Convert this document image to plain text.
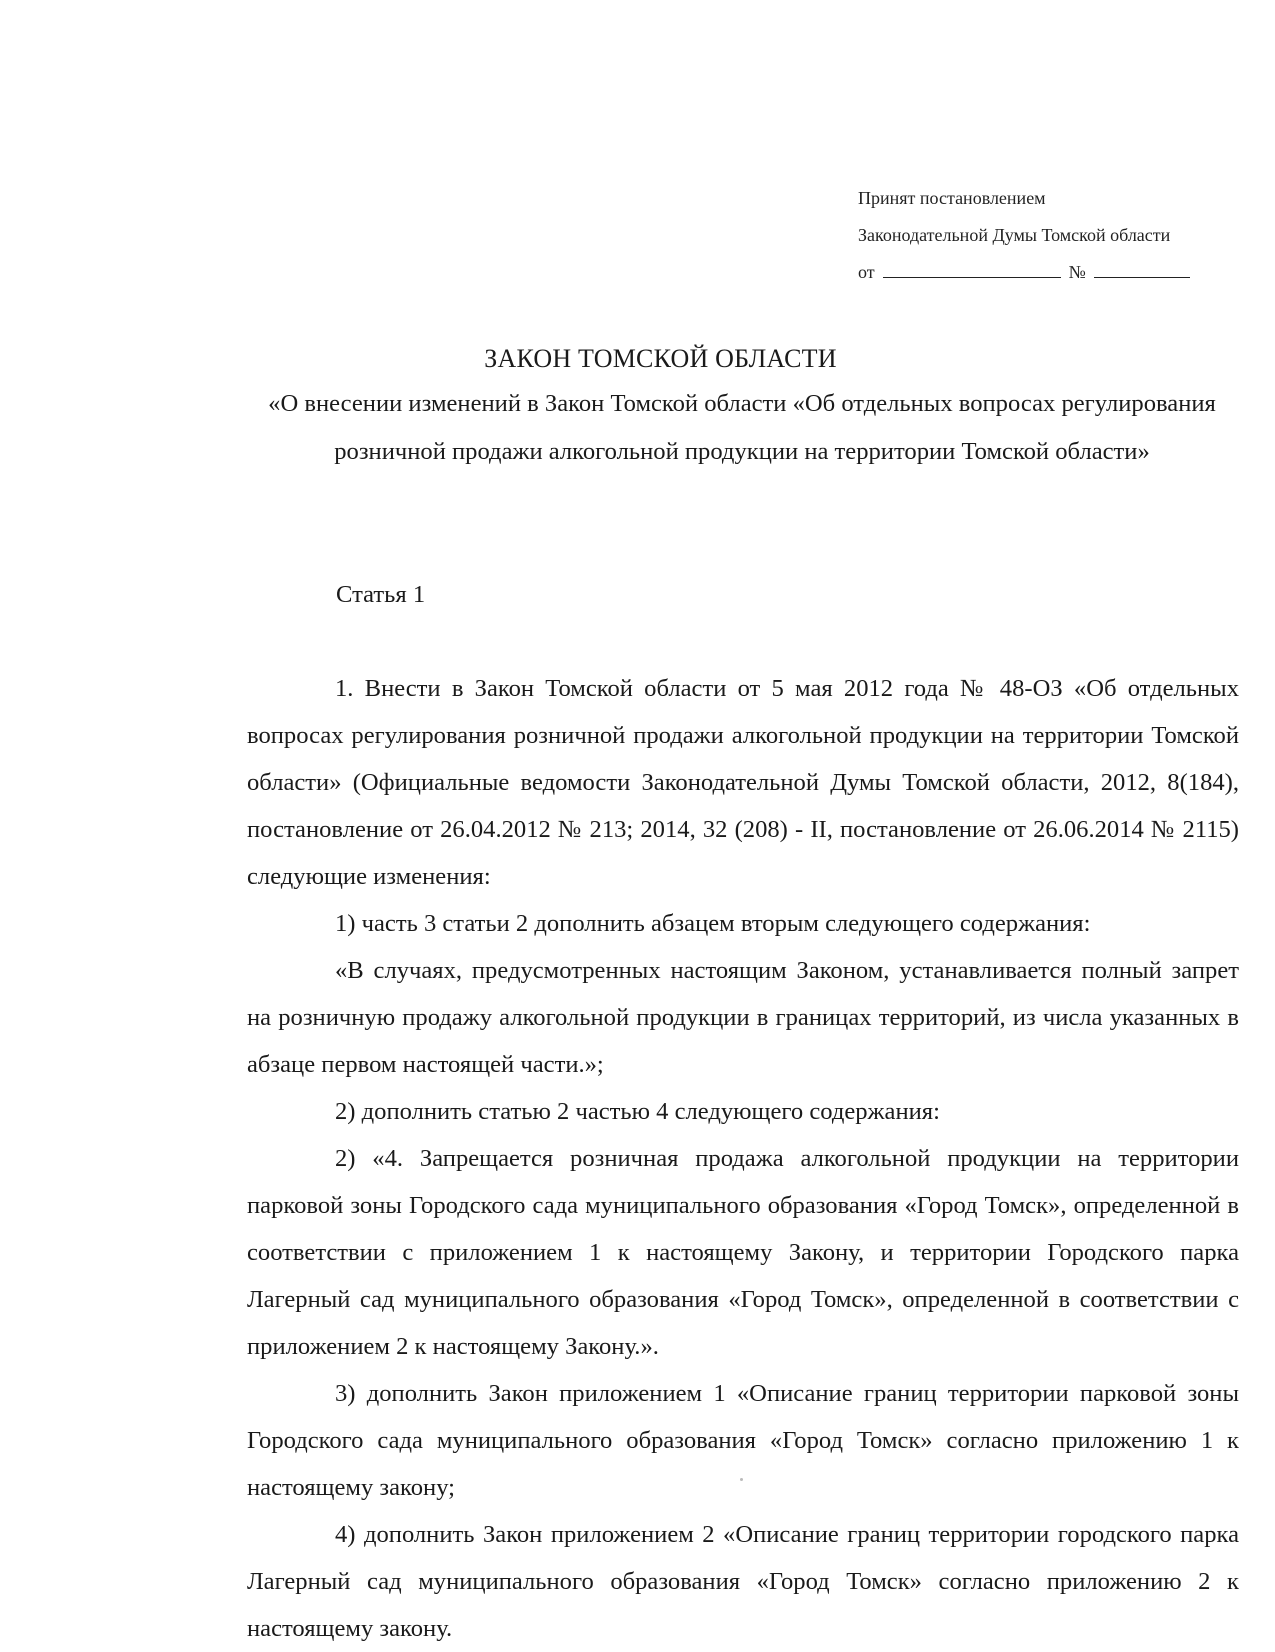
Принят постановлением
Законодательной Думы Томской области
от	№
ЗАКОН ТОМСКОЙ ОБЛАСТИ
«О внесении изменений в Закон Томской области «Об отдельных вопросах регулирования розничной продажи алкогольной продукции на территории Томской области»
Статья 1

1. Внести в Закон Томской области от 5 мая 2012 года № 48-ОЗ «Об отдельных вопросах регулирования розничной продажи алкогольной продукции на территории Томской области» (Официальные ведомости Законодательной Думы Томской области, 2012, 8(184), постановление от 26.04.2012 № 213; 2014, 32 (208) - II, постановление от 26.06.2014 № 2115) следующие изменения:

1) часть 3 статьи 2 дополнить абзацем вторым следующего содержания:

«В случаях, предусмотренных настоящим Законом, устанавливается полный запрет на розничную продажу алкогольной продукции в границах территорий, из числа указанных в абзаце первом настоящей части.»;

2) дополнить статью 2 частью 4 следующего содержания:

2) «4. Запрещается розничная продажа алкогольной продукции на территории парковой зоны Городского сада муниципального образования «Город Томск», определенной в соответствии с приложением 1 к настоящему Закону, и территории Городского парка Лагерный сад муниципального образования «Город Томск», определенной в соответствии с приложением 2 к настоящему Закону.».

3) дополнить Закон приложением 1 «Описание границ территории парковой зоны Городского сада муниципального образования «Город Томск» согласно приложению 1 к настоящему закону;

4) дополнить Закон приложением 2 «Описание границ территории городского парка Лагерный сад муниципального образования «Город Томск» согласно приложению 2 к настоящему закону.
